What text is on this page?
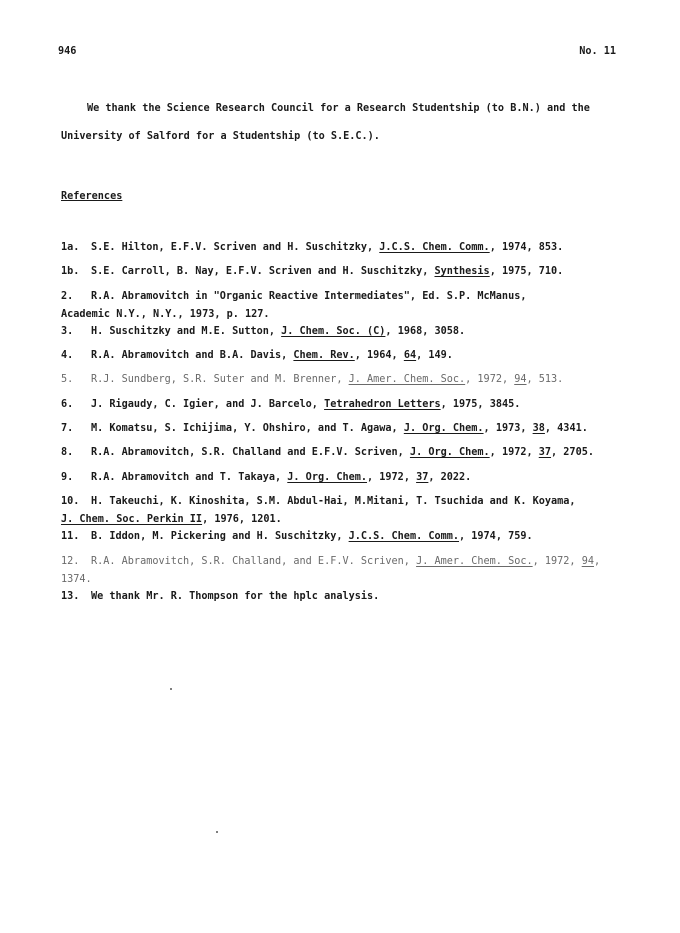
946	No. 11
We thank the Science Research Council for a Research Studentship (to B.N.) and the
University of Salford for a Studentship (to S.E.C.).
References
1a.	S.E. Hilton, E.F.V. Scriven and H. Suschitzky, J.C.S. Chem. Comm., 1974, 853.
1b.	S.E. Carroll, B. Nay, E.F.V. Scriven and H. Suschitzky, Synthesis, 1975, 710.
2.	R.A. Abramovitch in "Organic Reactive Intermediates", Ed. S.P. McManus,
Academic N.Y., N.Y., 1973, p. 127.
3.	H. Suschitzky and M.E. Sutton, J. Chem. Soc. (C), 1968, 3058.
4.	R.A. Abramovitch and B.A. Davis, Chem. Rev., 1964, 64, 149.
5.	R.J. Sundberg, S.R. Suter and M. Brenner, J. Amer. Chem. Soc., 1972, 94, 513.
6.	J. Rigaudy, C. Igier, and J. Barcelo, Tetrahedron Letters, 1975, 3845.
7.	M. Komatsu, S. Ichijima, Y. Ohshiro, and T. Agawa, J. Org. Chem., 1973, 38, 4341.
8.	R.A. Abramovitch, S.R. Challand and E.F.V. Scriven, J. Org. Chem., 1972, 37, 2705.
9.	R.A. Abramovitch and T. Takaya, J. Org. Chem., 1972, 37, 2022.
10.	H. Takeuchi, K. Kinoshita, S.M. Abdul-Hai, M.Mitani, T. Tsuchida and K. Koyama,
J. Chem. Soc. Perkin II, 1976, 1201.
11.	B. Iddon, M. Pickering and H. Suschitzky, J.C.S. Chem. Comm., 1974, 759.
12.	R.A. Abramovitch, S.R. Challand, and E.F.V. Scriven, J. Amer. Chem. Soc., 1972, 94,
1374.
13.	We thank Mr. R. Thompson for the hplc analysis.
